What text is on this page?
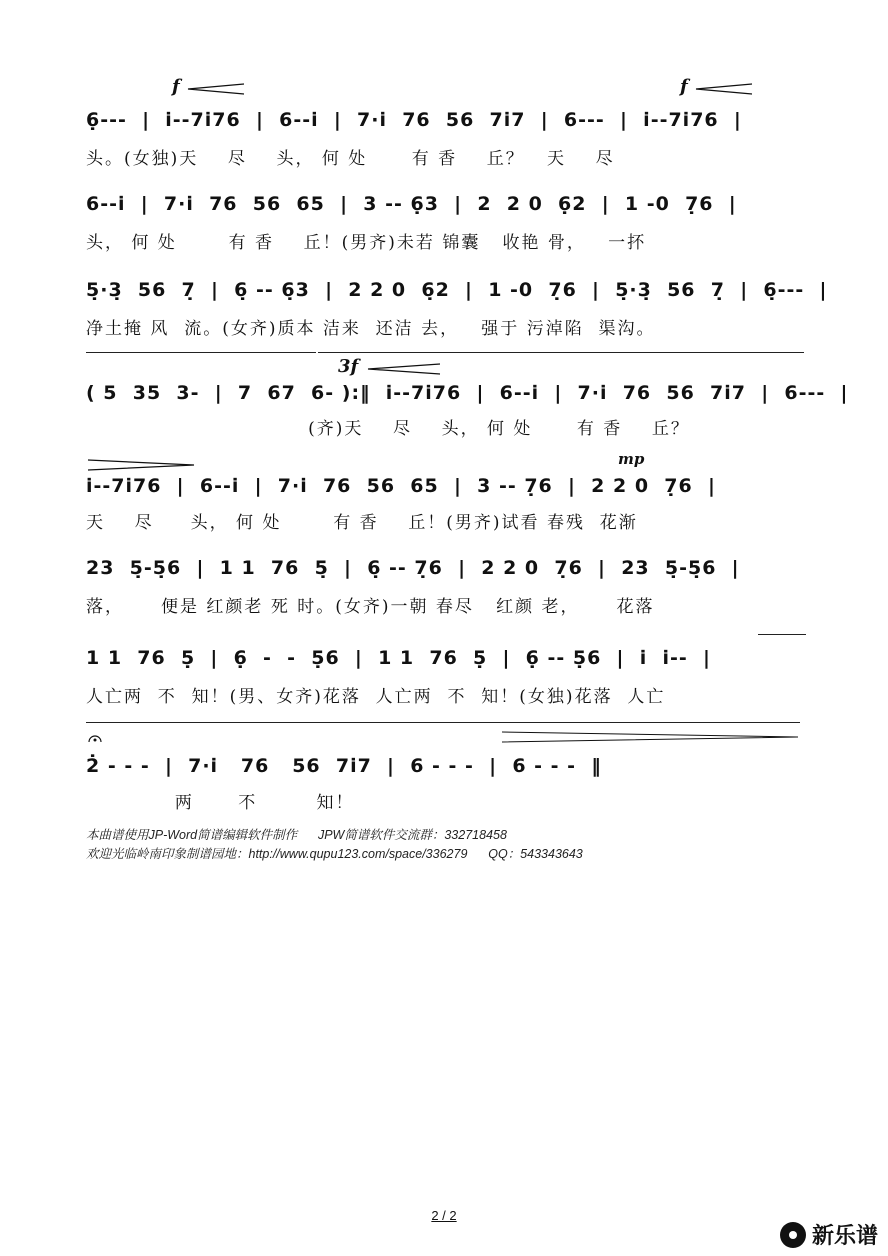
f	f
6̣---  |  i̇--7i̇76  |  6--i̇  |  7·i̇  76  56  7i̇7  |  6---  |  i̇--7i̇76  |
头。(女独)天    尽    头， 何 处      有 香    丘？   天    尽
6--i̇  |  7·i̇  76  56  65  |  3 -- 6̣3  |  2  2 0  6̣2  |  1 -0  7̣6  |
头， 何 处       有 香    丘！(男齐)未若 锦囊   收艳 骨，   一抔
5̣·3̣  56  7̣  |  6̣ -- 6̣3  |  2 2 0  6̣2  |  1 -0  7̣6  |  5̣·3̣  56  7̣  |  6̣---  |
净土掩 风  流。(女齐)质本 洁来  还洁 去，   强于 污淖陷  渠沟。
3f
( 5  35  3-  |  7  67  6- ):‖  i̇--7i̇76  |  6--i̇  |  7·i̇  76  56  7i̇7  |  6---  |
(齐)天    尽    头， 何 处      有 香    丘？
mp
i̇--7i̇76  |  6--i̇  |  7·i̇  76  56  65  |  3 -- 7̣6  |  2 2 0  7̣6  |
天    尽     头， 何 处       有 香    丘！(男齐)试看 春残  花渐
23  5̣-5̣6  |  1 1  76  5̣  |  6̣ -- 7̣6  |  2 2 0  7̣6  |  23  5̣-5̣6  |
落，     便是 红颜老 死 时。(女齐)一朝 春尽   红颜 老，     花落
1 1  76  5̣  |  6̣  -  -  5̣6  |  1 1  76  5̣  |  6̣ -- 5̣6  |  i̇  i̇--  |
人亡两  不  知！(男、女齐)花落  人亡两  不  知！(女独)花落  人亡
2̇ - - -  |  7·i̇   76   56  7i̇7  |  6 - - -  |  6 - - -  ‖
两      不        知！
本曲谱使用JP-Word简谱编辑软件制作      JPW简谱软件交流群：332718458
欢迎光临岭南印象制谱园地：http://www.qupu123.com/space/336279      QQ：543343643
2 / 2
新乐谱
